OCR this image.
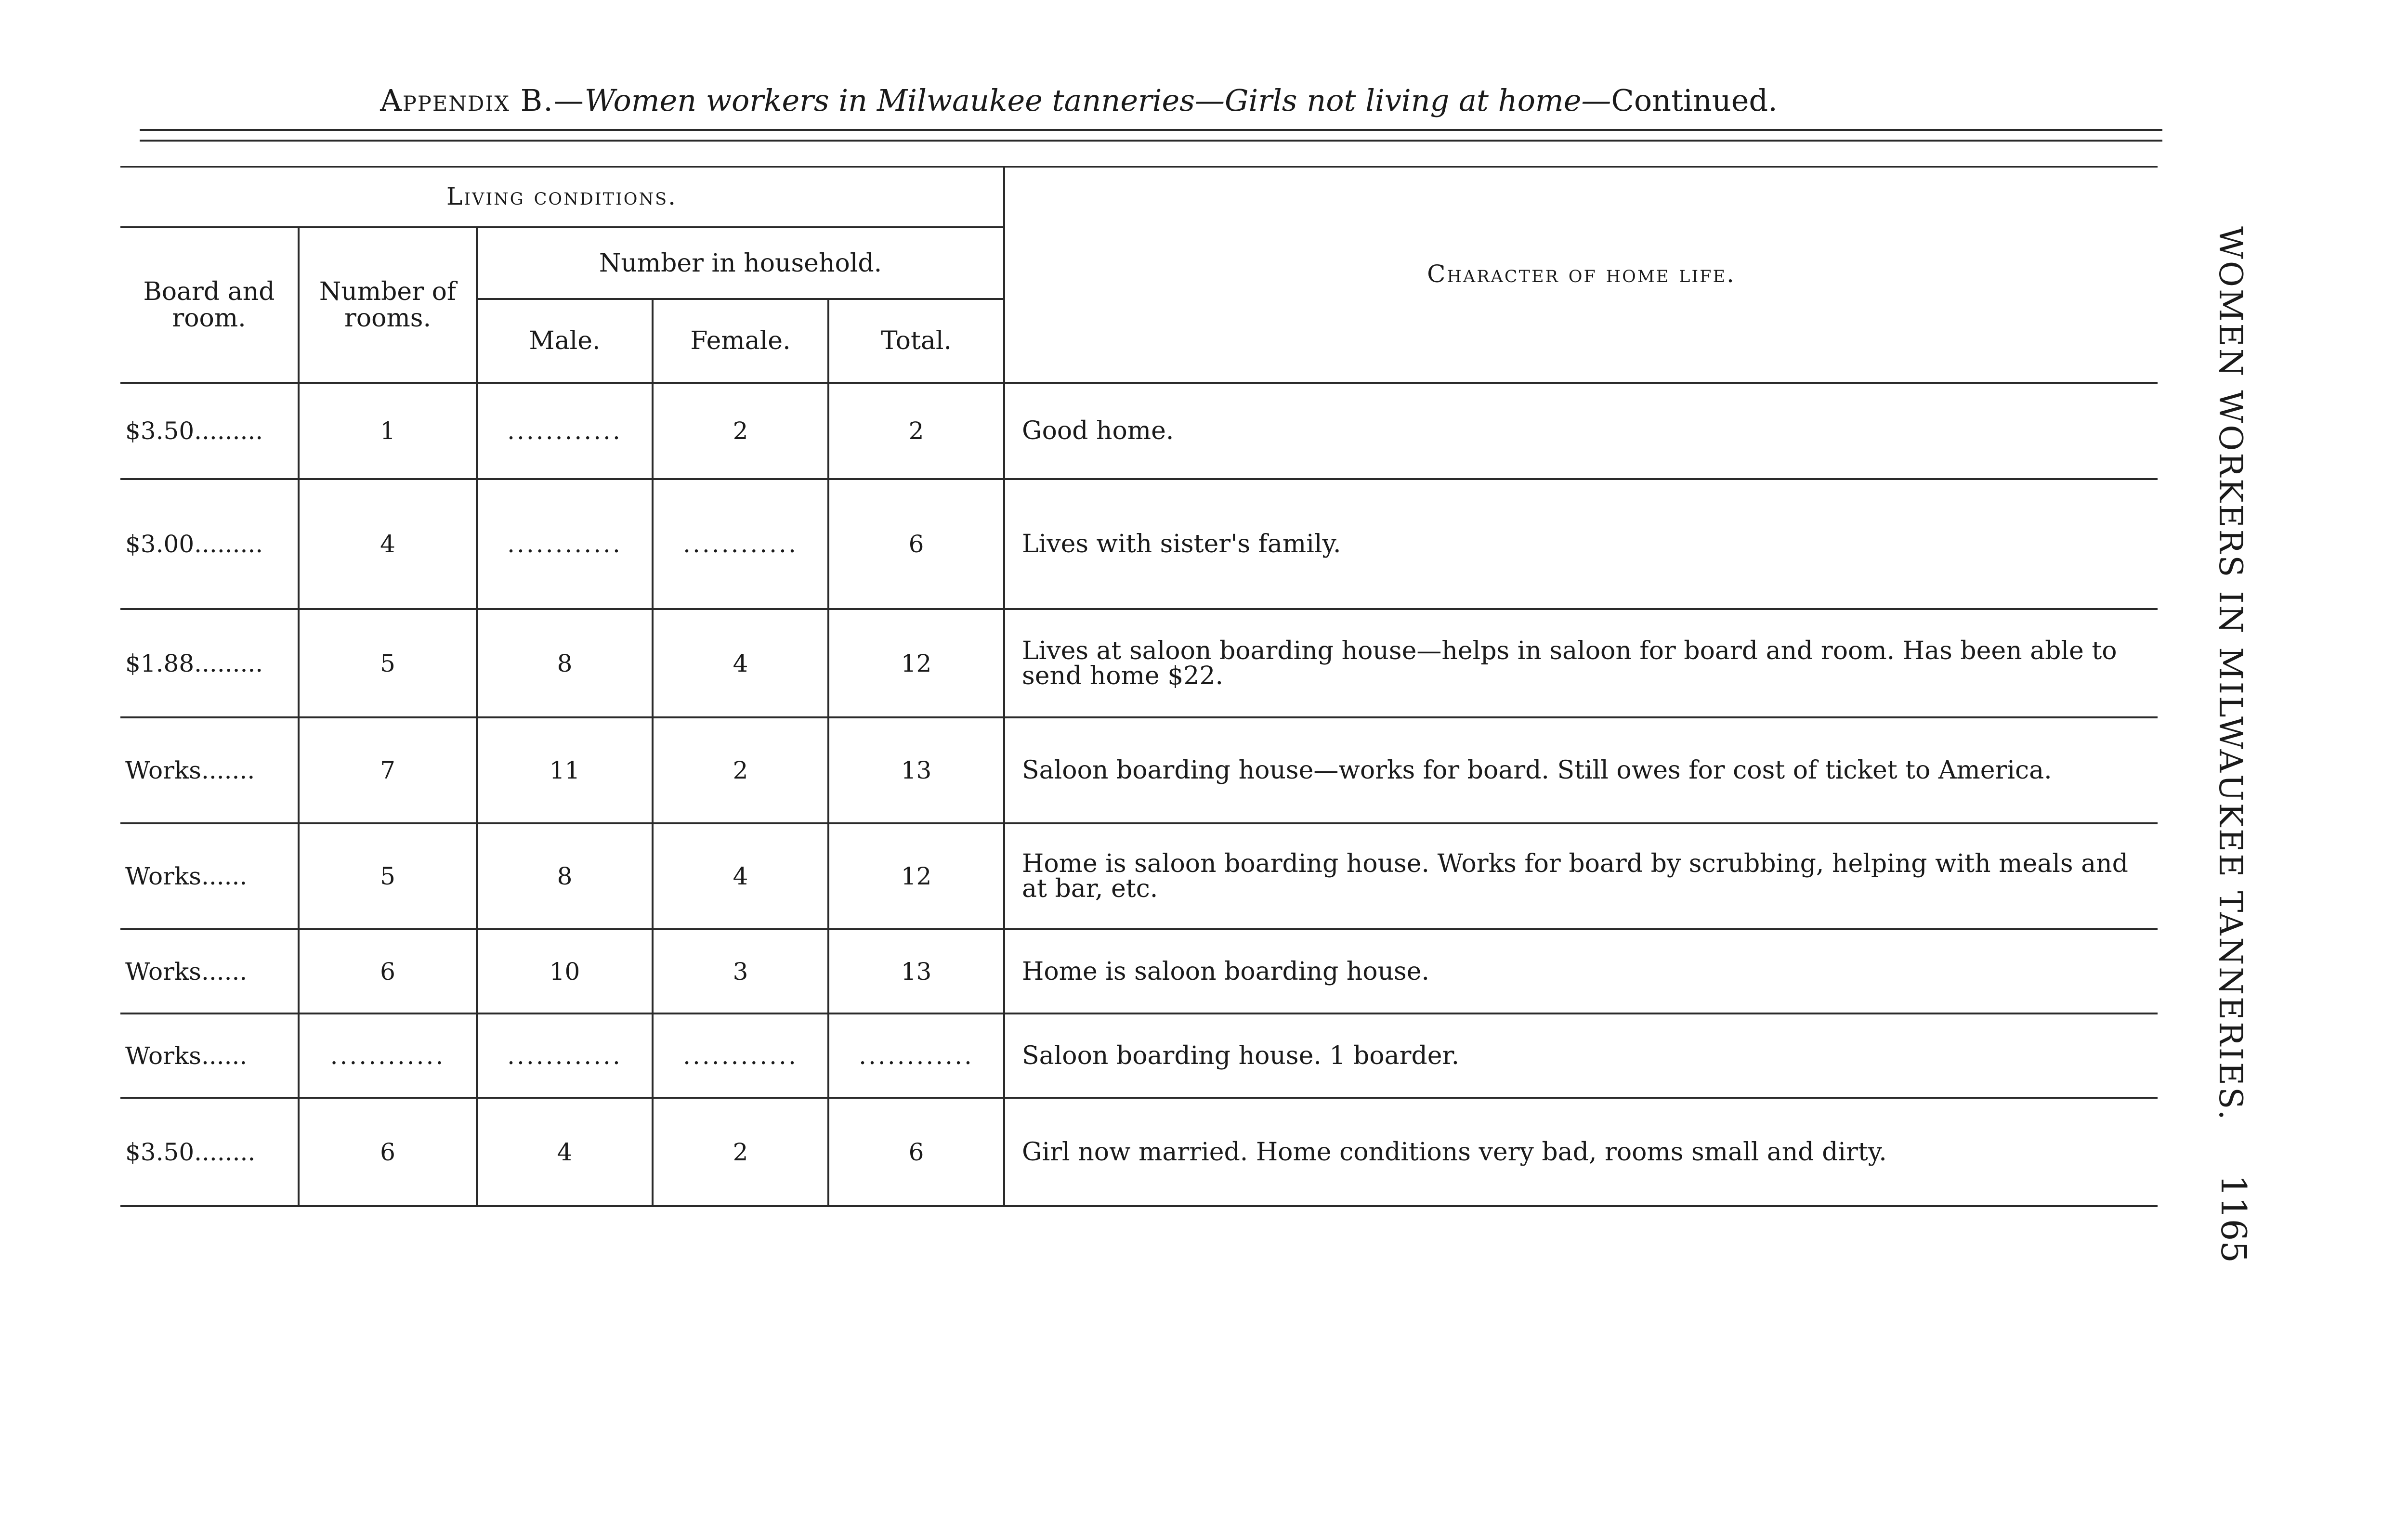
Appendix B.—Women workers in Milwaukee tanneries—Girls not living at home—Continued.
Living conditions.					Character of home life.
Board and room.	Number of rooms.	Number in household.			
		Male.	Female.	Total.	
$3.50.........	1	............	2	2	Good home.
$3.00.........	4	............	............	6	Lives with sister's family.
$1.88.........	5	8	4	12	Lives at saloon boarding house—helps in saloon for board and room. Has been able to send home $22.
Works.......	7	11	2	13	Saloon boarding house—works for board. Still owes for cost of ticket to America.
Works......	5	8	4	12	Home is saloon boarding house. Works for board by scrubbing, helping with meals and at bar, etc.
Works......	6	10	3	13	Home is saloon boarding house.
Works......	............	............	............	............	Saloon boarding house. 1 boarder.
$3.50........	6	4	2	6	Girl now married. Home conditions very bad, rooms small and dirty.
WOMEN WORKERS IN MILWAUKEE TANNERIES.
1165
